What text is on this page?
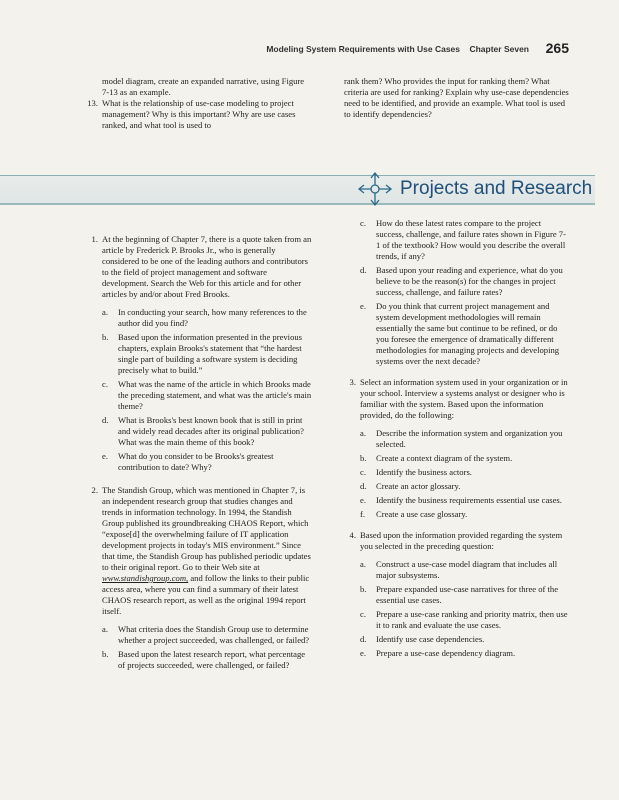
Modeling System Requirements with Use Cases Chapter Seven 265
model diagram, create an expanded narrative, using Figure 7-13 as an example.
13. What is the relationship of use-case modeling to project management? Why is this important? Why are use cases ranked, and what tool is used to
rank them? Who provides the input for ranking them? What criteria are used for ranking? Explain why use-case dependencies need to be identified, and provide an example. What tool is used to identify dependencies?
Projects and Research
1. At the beginning of Chapter 7, there is a quote taken from an article by Frederick P. Brooks Jr., who is generally considered to be one of the leading authors and contributors to the field of project management and software development. Search the Web for this article and for other articles by and/or about Fred Brooks.
a. In conducting your search, how many references to the author did you find?
b. Based upon the information presented in the previous chapters, explain Brooks's statement that “the hardest single part of building a software system is deciding precisely what to build.”
c. What was the name of the article in which Brooks made the preceding statement, and what was the article's main theme?
d. What is Brooks's best known book that is still in print and widely read decades after its original publication? What was the main theme of this book?
e. What do you consider to be Brooks's greatest contribution to date? Why?
2. The Standish Group, which was mentioned in Chapter 7, is an independent research group that studies changes and trends in information technology. In 1994, the Standish Group published its groundbreaking CHAOS Report, which “expose[d] the overwhelming failure of IT application development projects in today's MIS environment.” Since that time, the Standish Group has published periodic updates to their original report. Go to their Web site at www.standishgroup.com, and follow the links to their public access area, where you can find a summary of their latest CHAOS research report, as well as the original 1994 report itself.
a. What criteria does the Standish Group use to determine whether a project succeeded, was challenged, or failed?
b. Based upon the latest research report, what percentage of projects succeeded, were challenged, or failed?
c. How do these latest rates compare to the project success, challenge, and failure rates shown in Figure 7-1 of the textbook? How would you describe the overall trends, if any?
d. Based upon your reading and experience, what do you believe to be the reason(s) for the changes in project success, challenge, and failure rates?
e. Do you think that current project management and system development methodologies will remain essentially the same but continue to be refined, or do you foresee the emergence of dramatically different methodologies for managing projects and developing systems over the next decade?
3. Select an information system used in your organization or in your school. Interview a systems analyst or designer who is familiar with the system. Based upon the information provided, do the following:
a. Describe the information system and organization you selected.
b. Create a context diagram of the system.
c. Identify the business actors.
d. Create an actor glossary.
e. Identify the business requirements essential use cases.
f. Create a use case glossary.
4. Based upon the information provided regarding the system you selected in the preceding question:
a. Construct a use-case model diagram that includes all major subsystems.
b. Prepare expanded use-case narratives for three of the essential use cases.
c. Prepare a use-case ranking and priority matrix, then use it to rank and evaluate the use cases.
d. Identify use case dependencies.
e. Prepare a use-case dependency diagram.
